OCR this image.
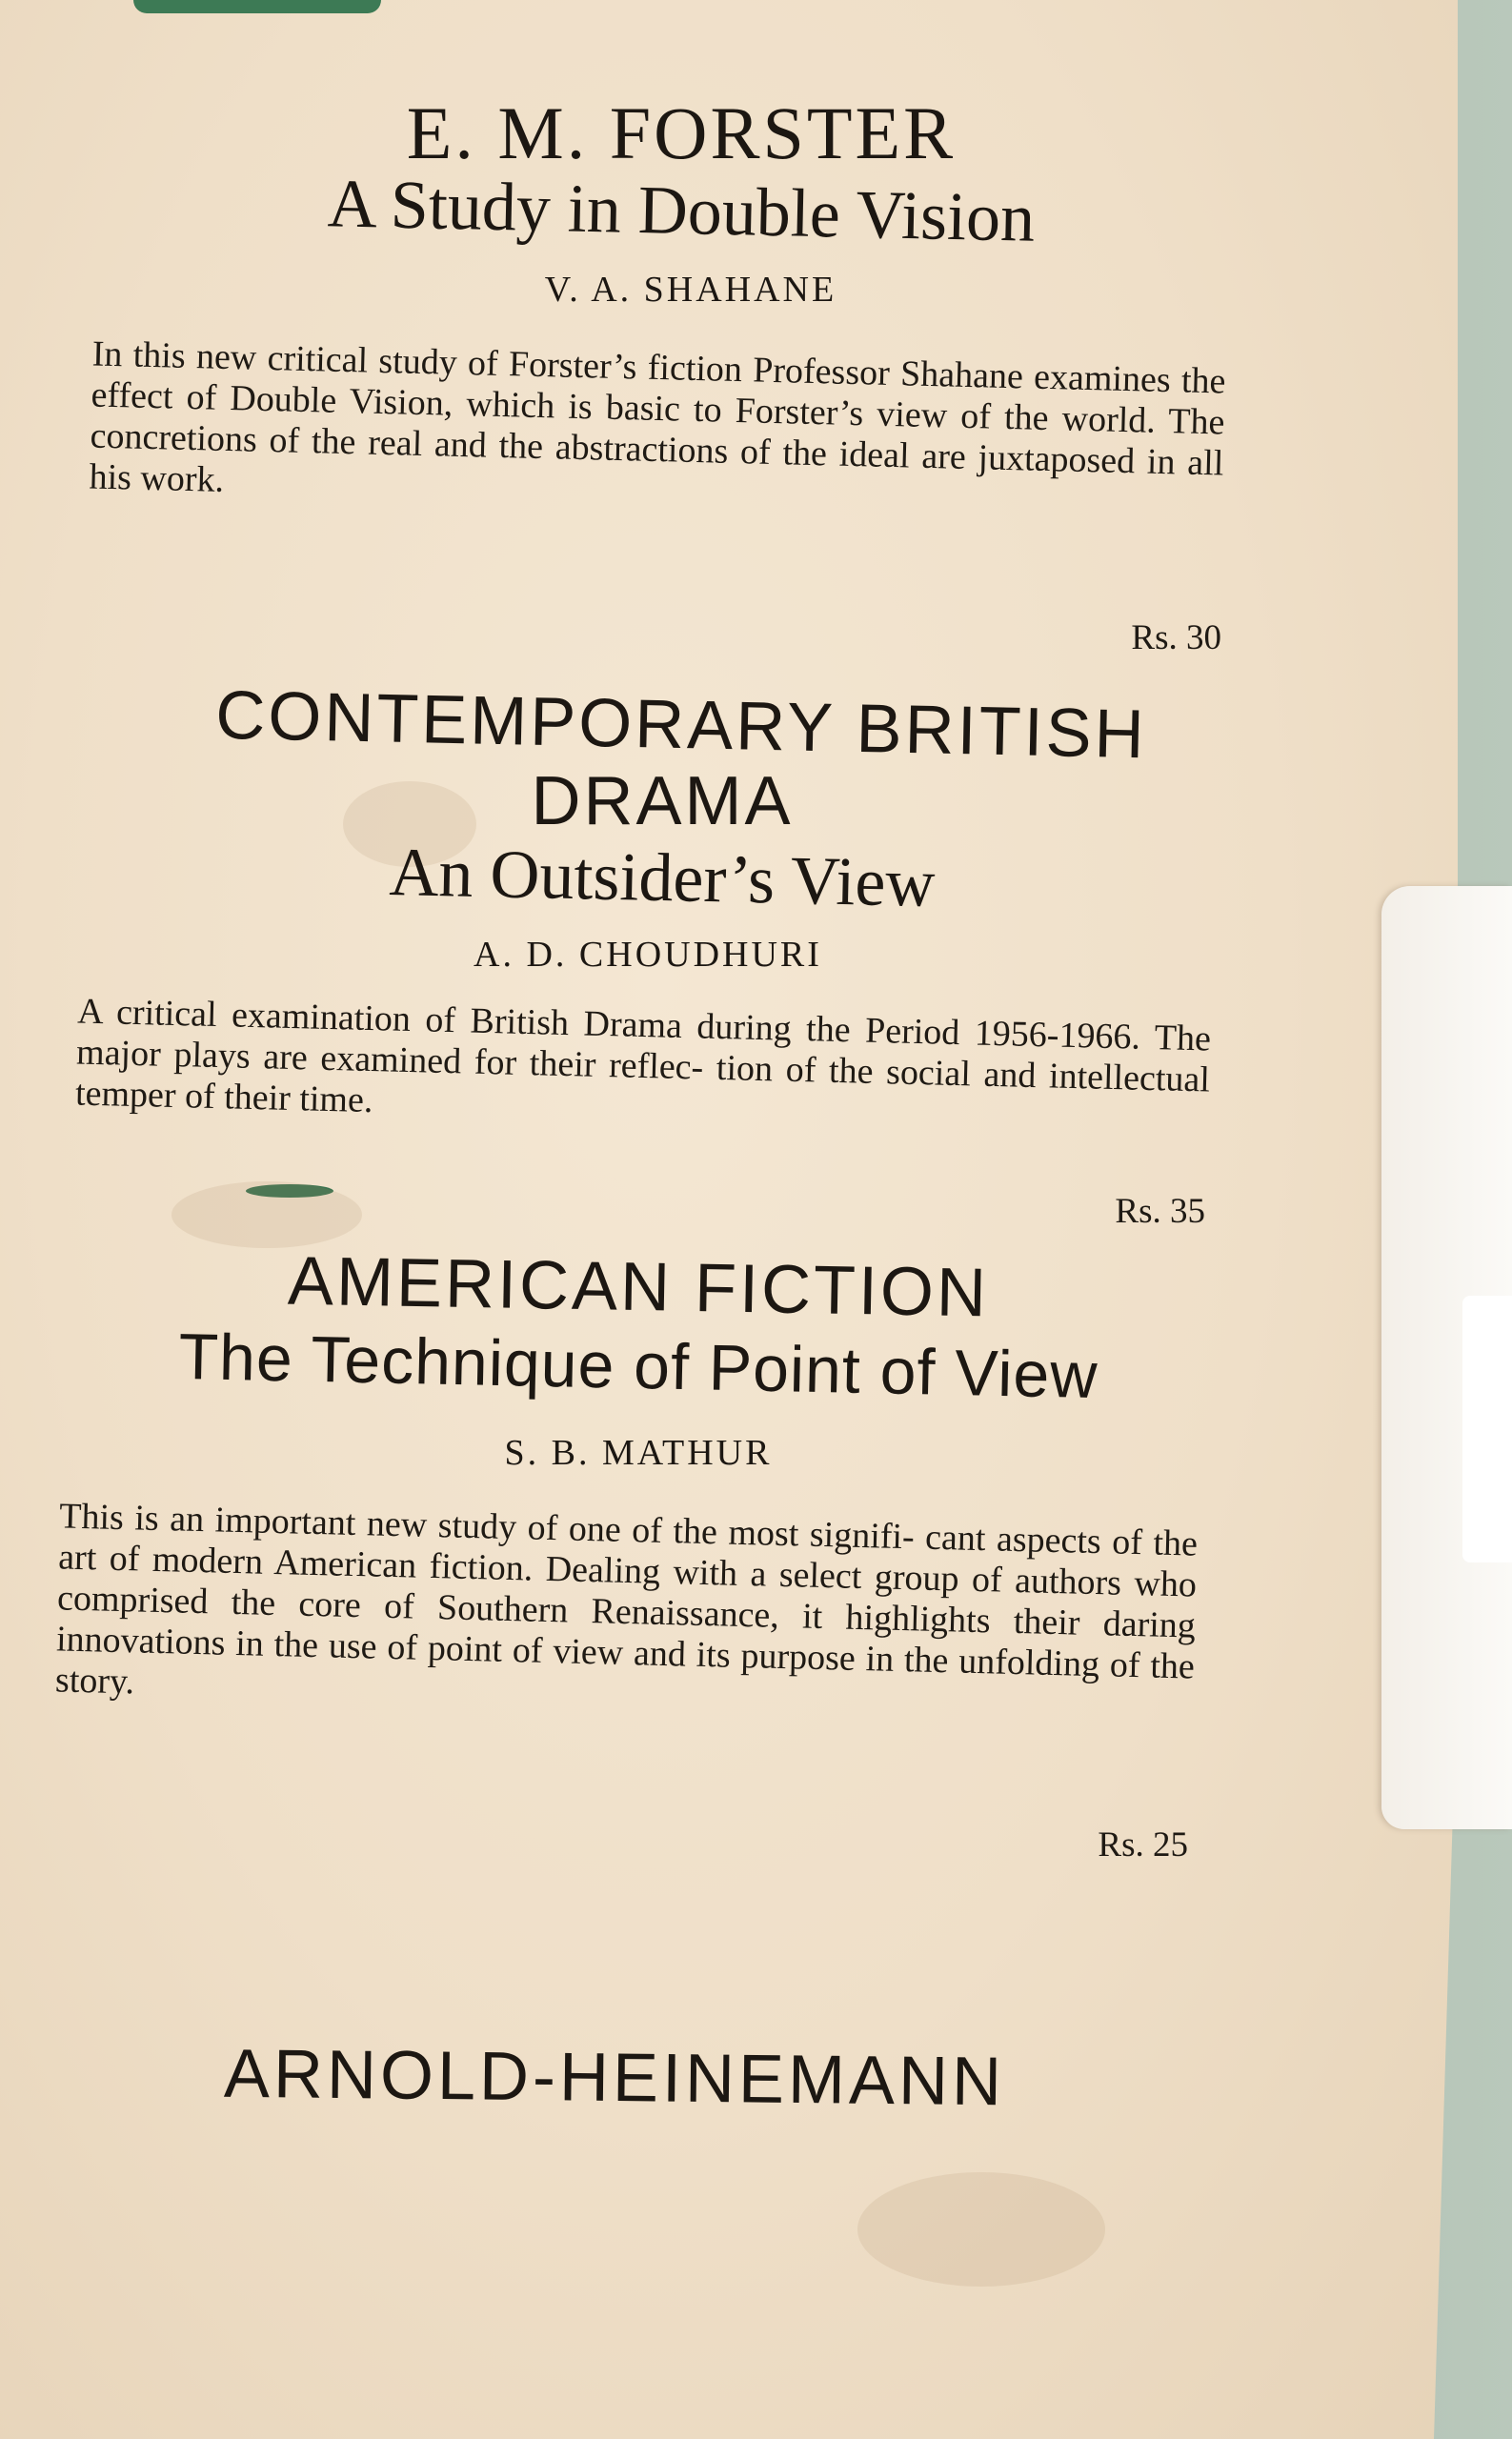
E. M. FORSTER
A Study in Double Vision
V. A. SHAHANE
In this new critical study of Forster’s fiction Professor Shahane examines the effect of Double Vision, which is basic to Forster’s view of the world. The concretions of the real and the abstractions of the ideal are juxtaposed in all his work.
Rs. 30
CONTEMPORARY BRITISH
DRAMA
An Outsider’s View
A. D. CHOUDHURI
A critical examination of British Drama during the Period 1956-1966. The major plays are examined for their reflec- tion of the social and intellectual temper of their time.
Rs. 35
AMERICAN FICTION
The Technique of Point of View
S. B. MATHUR
This is an important new study of one of the most signifi- cant aspects of the art of modern American fiction. Dealing with a select group of authors who comprised the core of Southern Renaissance, it highlights their daring innovations in the use of point of view and its purpose in the unfolding of the story.
Rs. 25
ARNOLD-HEINEMANN
